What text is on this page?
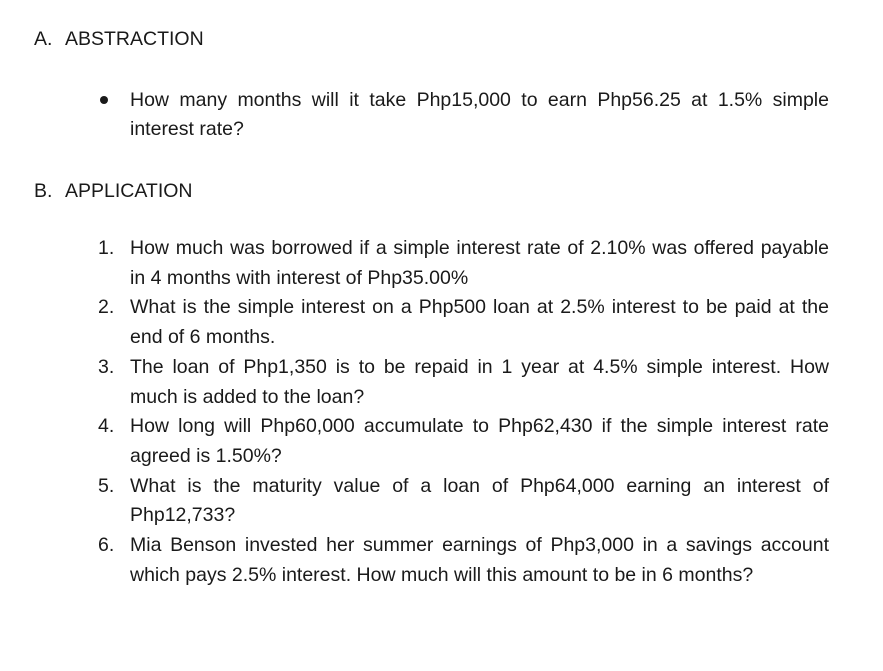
A. ABSTRACTION

How many months will it take Php15,000 to earn Php56.25 at 1.5% simple interest rate?

B. APPLICATION
1. How much was borrowed if a simple interest rate of 2.10% was offered payable in 4 months with interest of Php35.00%
2. What is the simple interest on a Php500 loan at 2.5% interest to be paid at the end of 6 months.
3. The loan of Php1,350 is to be repaid in 1 year at 4.5% simple interest. How much is added to the loan?
4. How long will Php60,000 accumulate to Php62,430 if the simple interest rate agreed is 1.50%?
5. What is the maturity value of a loan of Php64,000 earning an interest of Php12,733?
6. Mia Benson invested her summer earnings of Php3,000 in a savings account which pays 2.5% interest. How much will this amount to be in 6 months?
